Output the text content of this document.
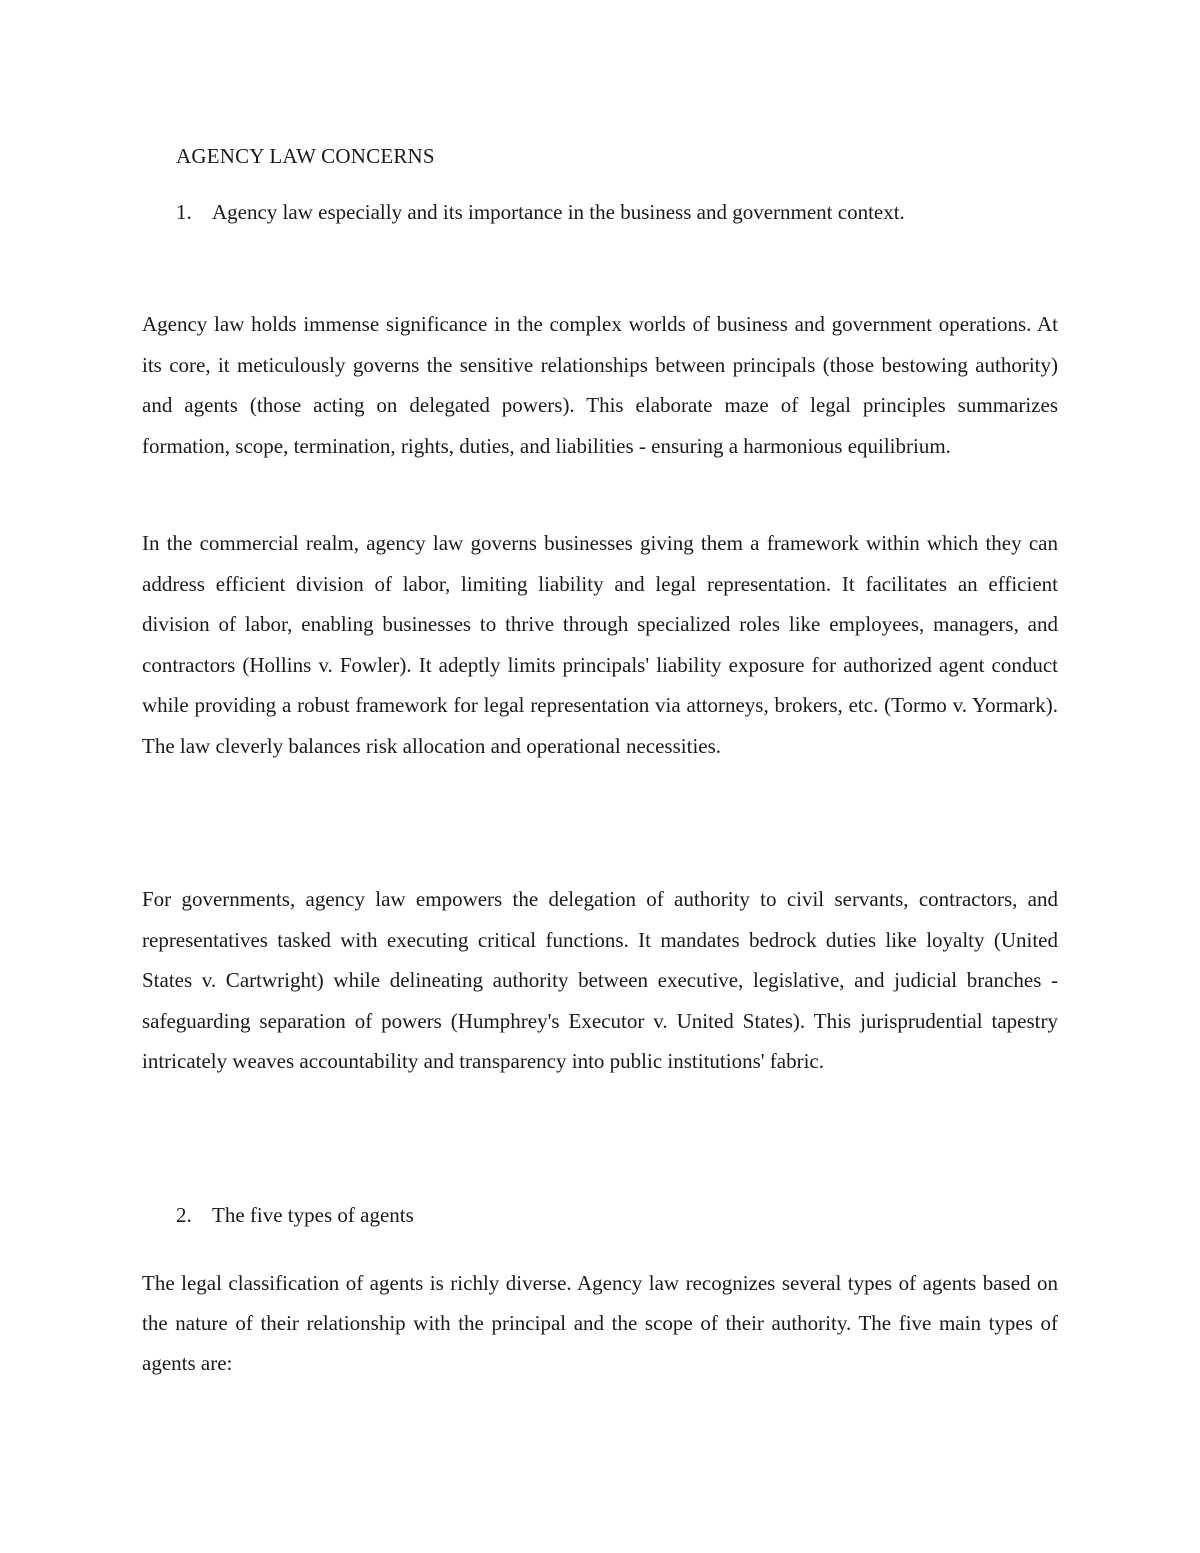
AGENCY LAW CONCERNS
1. Agency law especially and its importance in the business and government context.

Agency law holds immense significance in the complex worlds of business and government operations. At its core, it meticulously governs the sensitive relationships between principals (those bestowing authority) and agents (those acting on delegated powers). This elaborate maze of legal principles summarizes formation, scope, termination, rights, duties, and liabilities - ensuring a harmonious equilibrium.

In the commercial realm, agency law governs businesses giving them a framework within which they can address efficient division of labor, limiting liability and legal representation. It facilitates an efficient division of labor, enabling businesses to thrive through specialized roles like employees, managers, and contractors (Hollins v. Fowler). It adeptly limits principals' liability exposure for authorized agent conduct while providing a robust framework for legal representation via attorneys, brokers, etc. (Tormo v. Yormark). The law cleverly balances risk allocation and operational necessities.

For governments, agency law empowers the delegation of authority to civil servants, contractors, and representatives tasked with executing critical functions. It mandates bedrock duties like loyalty (United States v. Cartwright) while delineating authority between executive, legislative, and judicial branches - safeguarding separation of powers (Humphrey's Executor v. United States). This jurisprudential tapestry intricately weaves accountability and transparency into public institutions' fabric.

2. The five types of agents

The legal classification of agents is richly diverse. Agency law recognizes several types of agents based on the nature of their relationship with the principal and the scope of their authority. The five main types of agents are:
